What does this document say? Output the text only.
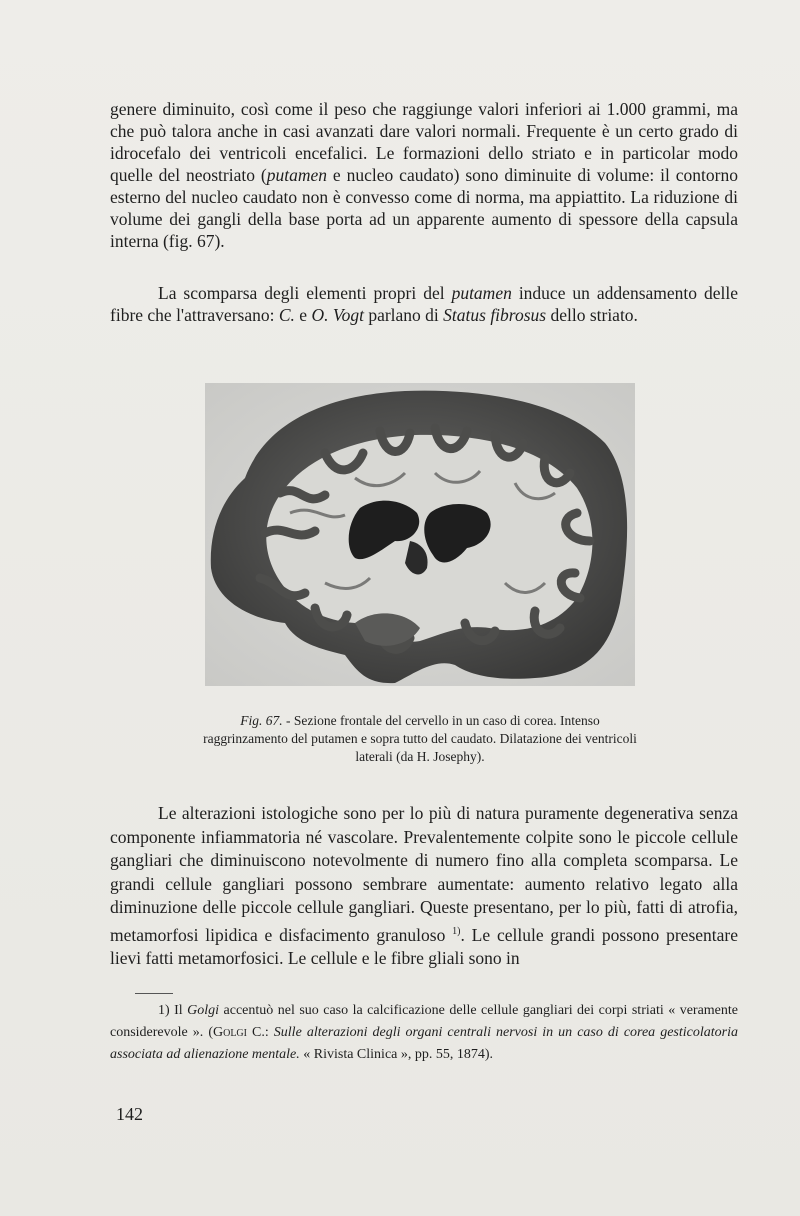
genere diminuito, così come il peso che raggiunge valori inferiori ai 1.000 grammi, ma che può talora anche in casi avanzati dare valori normali. Frequente è un certo grado di idrocefalo dei ventricoli encefalici. Le formazioni dello striato e in particolar modo quelle del neostriato (putamen e nucleo caudato) sono diminuite di volume: il contorno esterno del nucleo caudato non è convesso come di norma, ma appiattito. La riduzione di volume dei gangli della base porta ad un apparente aumento di spessore della capsula interna (fig. 67).

La scomparsa degli elementi propri del putamen induce un addensamento delle fibre che l'attraversano: C. e O. Vogt parlano di Status fibrosus dello striato.

Fig. 67. - Sezione frontale del cervello in un caso di corea. Intenso raggrinzamento del putamen e sopra tutto del caudato. Dilatazione dei ventricoli laterali (da H. Josephy).

Le alterazioni istologiche sono per lo più di natura puramente degenerativa senza componente infiammatoria né vascolare. Prevalentemente colpite sono le piccole cellule gangliari che diminuiscono notevolmente di numero fino alla completa scomparsa. Le grandi cellule gangliari possono sembrare aumentate: aumento relativo legato alla diminuzione delle piccole cellule gangliari. Queste presentano, per lo più, fatti di atrofia, metamorfosi lipidica e disfacimento granuloso $^{1)}$. Le cellule grandi possono presentare lievi fatti metamorfosici. Le cellule e le fibre gliali sono in

1) Il Golgi accentuò nel suo caso la calcificazione delle cellule gangliari dei corpi striati « veramente considerevole ». (Golgi C.: Sulle alterazioni degli organi centrali nervosi in un caso di corea gesticolatoria associata ad alienazione mentale. « Rivista Clinica », pp. 55, 1874).
142
